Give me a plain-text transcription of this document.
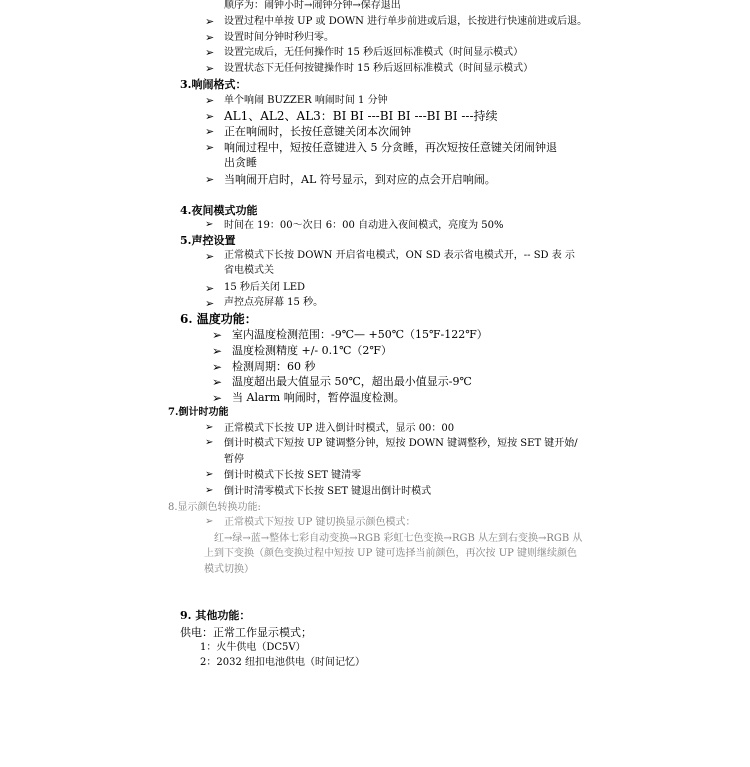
顺序为：闹钟小时→闹钟分钟→保存退出
➢ 设置过程中单按 UP 或 DOWN 进行单步前进或后退，长按进行快速前进或后退。
➢ 设置时间分钟时秒归零。
➢ 设置完成后，无任何操作时 15 秒后返回标准模式（时间显示模式）
➢ 设置状态下无任何按键操作时 15 秒后返回标准模式（时间显示模式）
3.响闹格式：
➢ 单个响闹 BUZZER 响闹时间 1 分钟
➢ AL1、AL2、AL3：BI BI ---BI BI ---BI BI ---持续
➢ 正在响闹时，长按任意键关闭本次闹钟
➢ 响闹过程中，短按任意键进入 5 分贪睡，再次短按任意键关闭闹钟退
出贪睡
➢ 当响闹开启时，AL 符号显示，到对应的点会开启响闹。
4.夜间模式功能
➢ 时间在 19：00～次日 6：00 自动进入夜间模式，亮度为 50%
5.声控设置
➢ 正常模式下长按 DOWN 开启省电模式，ON SD 表示省电模式开，-- SD 表 示
省电模式关
➢ 15 秒后关闭 LED
➢ 声控点亮屏幕 15 秒。
6. 温度功能：
➢ 室内温度检测范围：-9℃— +50℃（15℉-122℉）
➢ 温度检测精度 +/- 0.1℃（2℉）
➢ 检测周期：60 秒
➢ 温度超出最大值显示 50℃，超出最小值显示-9℃
➢ 当 Alarm 响闹时，暂停温度检测。
7.倒计时功能
➢ 正常模式下长按 UP 进入倒计时模式，显示 00：00
➢ 倒计时模式下短按 UP 键调整分钟，短按 DOWN 键调整秒，短按 SET 键开始/
暂停
➢ 倒计时模式下长按 SET 键清零
➢ 倒计时清零模式下长按 SET 键退出倒计时模式
8.显示颜色转换功能:
➢ 正常模式下短按 UP 键切换显示颜色模式：
红→绿→蓝→整体七彩自动变换→RGB 彩虹七色变换→RGB 从左到右变换→RGB 从
上到下变换（颜色变换过程中短按 UP 键可选择当前颜色，再次按 UP 键则继续颜色
模式切换）
9. 其他功能：
供电：正常工作显示模式；
1：火牛供电（DC5V）
2：2032 纽扣电池供电（时间记忆）
